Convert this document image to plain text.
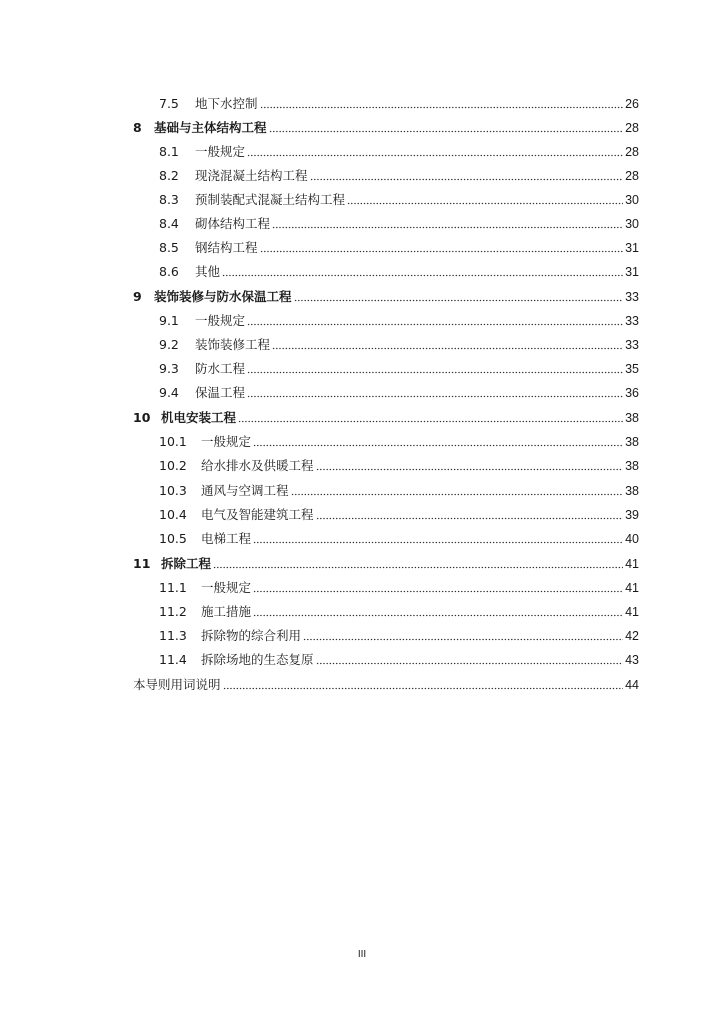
7.5	地下水控制	26
8 基础与主体结构工程	28
8.1	一般规定	28
8.2	现浇混凝土结构工程	28
8.3	预制装配式混凝土结构工程	30
8.4	砌体结构工程	30
8.5	钢结构工程	31
8.6	其他	31
9 装饰装修与防水保温工程	33
9.1	一般规定	33
9.2	装饰装修工程	33
9.3	防水工程	35
9.4	保温工程	36
10 机电安装工程	38
10.1	一般规定	38
10.2	给水排水及供暖工程	38
10.3	通风与空调工程	38
10.4	电气及智能建筑工程	39
10.5	电梯工程	40
11 拆除工程	41
11.1	一般规定	41
11.2	施工措施	41
11.3	拆除物的综合利用	42
11.4	拆除场地的生态复原	43
本导则用词说明	44
III
